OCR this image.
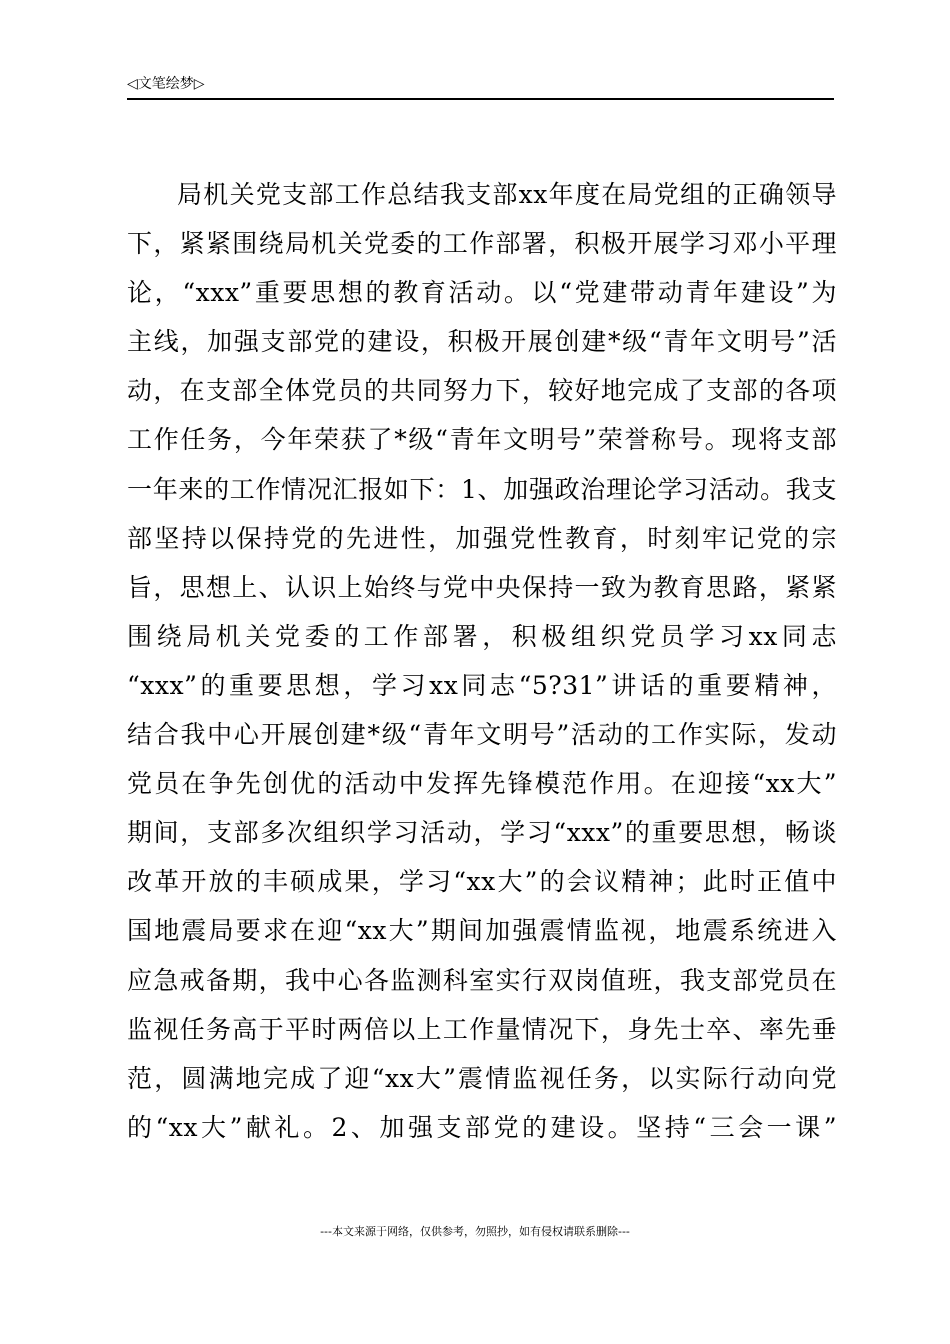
◁文笔绘梦▷
局机关党支部工作总结我支部xx年度在局党组的正确领导
下，紧紧围绕局机关党委的工作部署，积极开展学习邓小平理
论，“xxx”重要思想的教育活动。以“党建带动青年建设”为
主线，加强支部党的建设，积极开展创建*级“青年文明号”活
动，在支部全体党员的共同努力下，较好地完成了支部的各项
工作任务，今年荣获了*级“青年文明号”荣誉称号。现将支部
一年来的工作情况汇报如下：1、加强政治理论学习活动。我支
部坚持以保持党的先进性，加强党性教育，时刻牢记党的宗
旨，思想上、认识上始终与党中央保持一致为教育思路，紧紧
围绕局机关党委的工作部署，积极组织党员学习xx同志
“xxx”的重要思想，学习xx同志“5?31”讲话的重要精神，
结合我中心开展创建*级“青年文明号”活动的工作实际，发动
党员在争先创优的活动中发挥先锋模范作用。在迎接“xx大”
期间，支部多次组织学习活动，学习“xxx”的重要思想，畅谈
改革开放的丰硕成果，学习“xx大”的会议精神；此时正值中
国地震局要求在迎“xx大”期间加强震情监视，地震系统进入
应急戒备期，我中心各监测科室实行双岗值班，我支部党员在
监视任务高于平时两倍以上工作量情况下，身先士卒、率先垂
范，圆满地完成了迎“xx大”震情监视任务，以实际行动向党
的“xx大”献礼。2、加强支部党的建设。坚持“三会一课”
---本文来源于网络，仅供参考，勿照抄，如有侵权请联系删除---
